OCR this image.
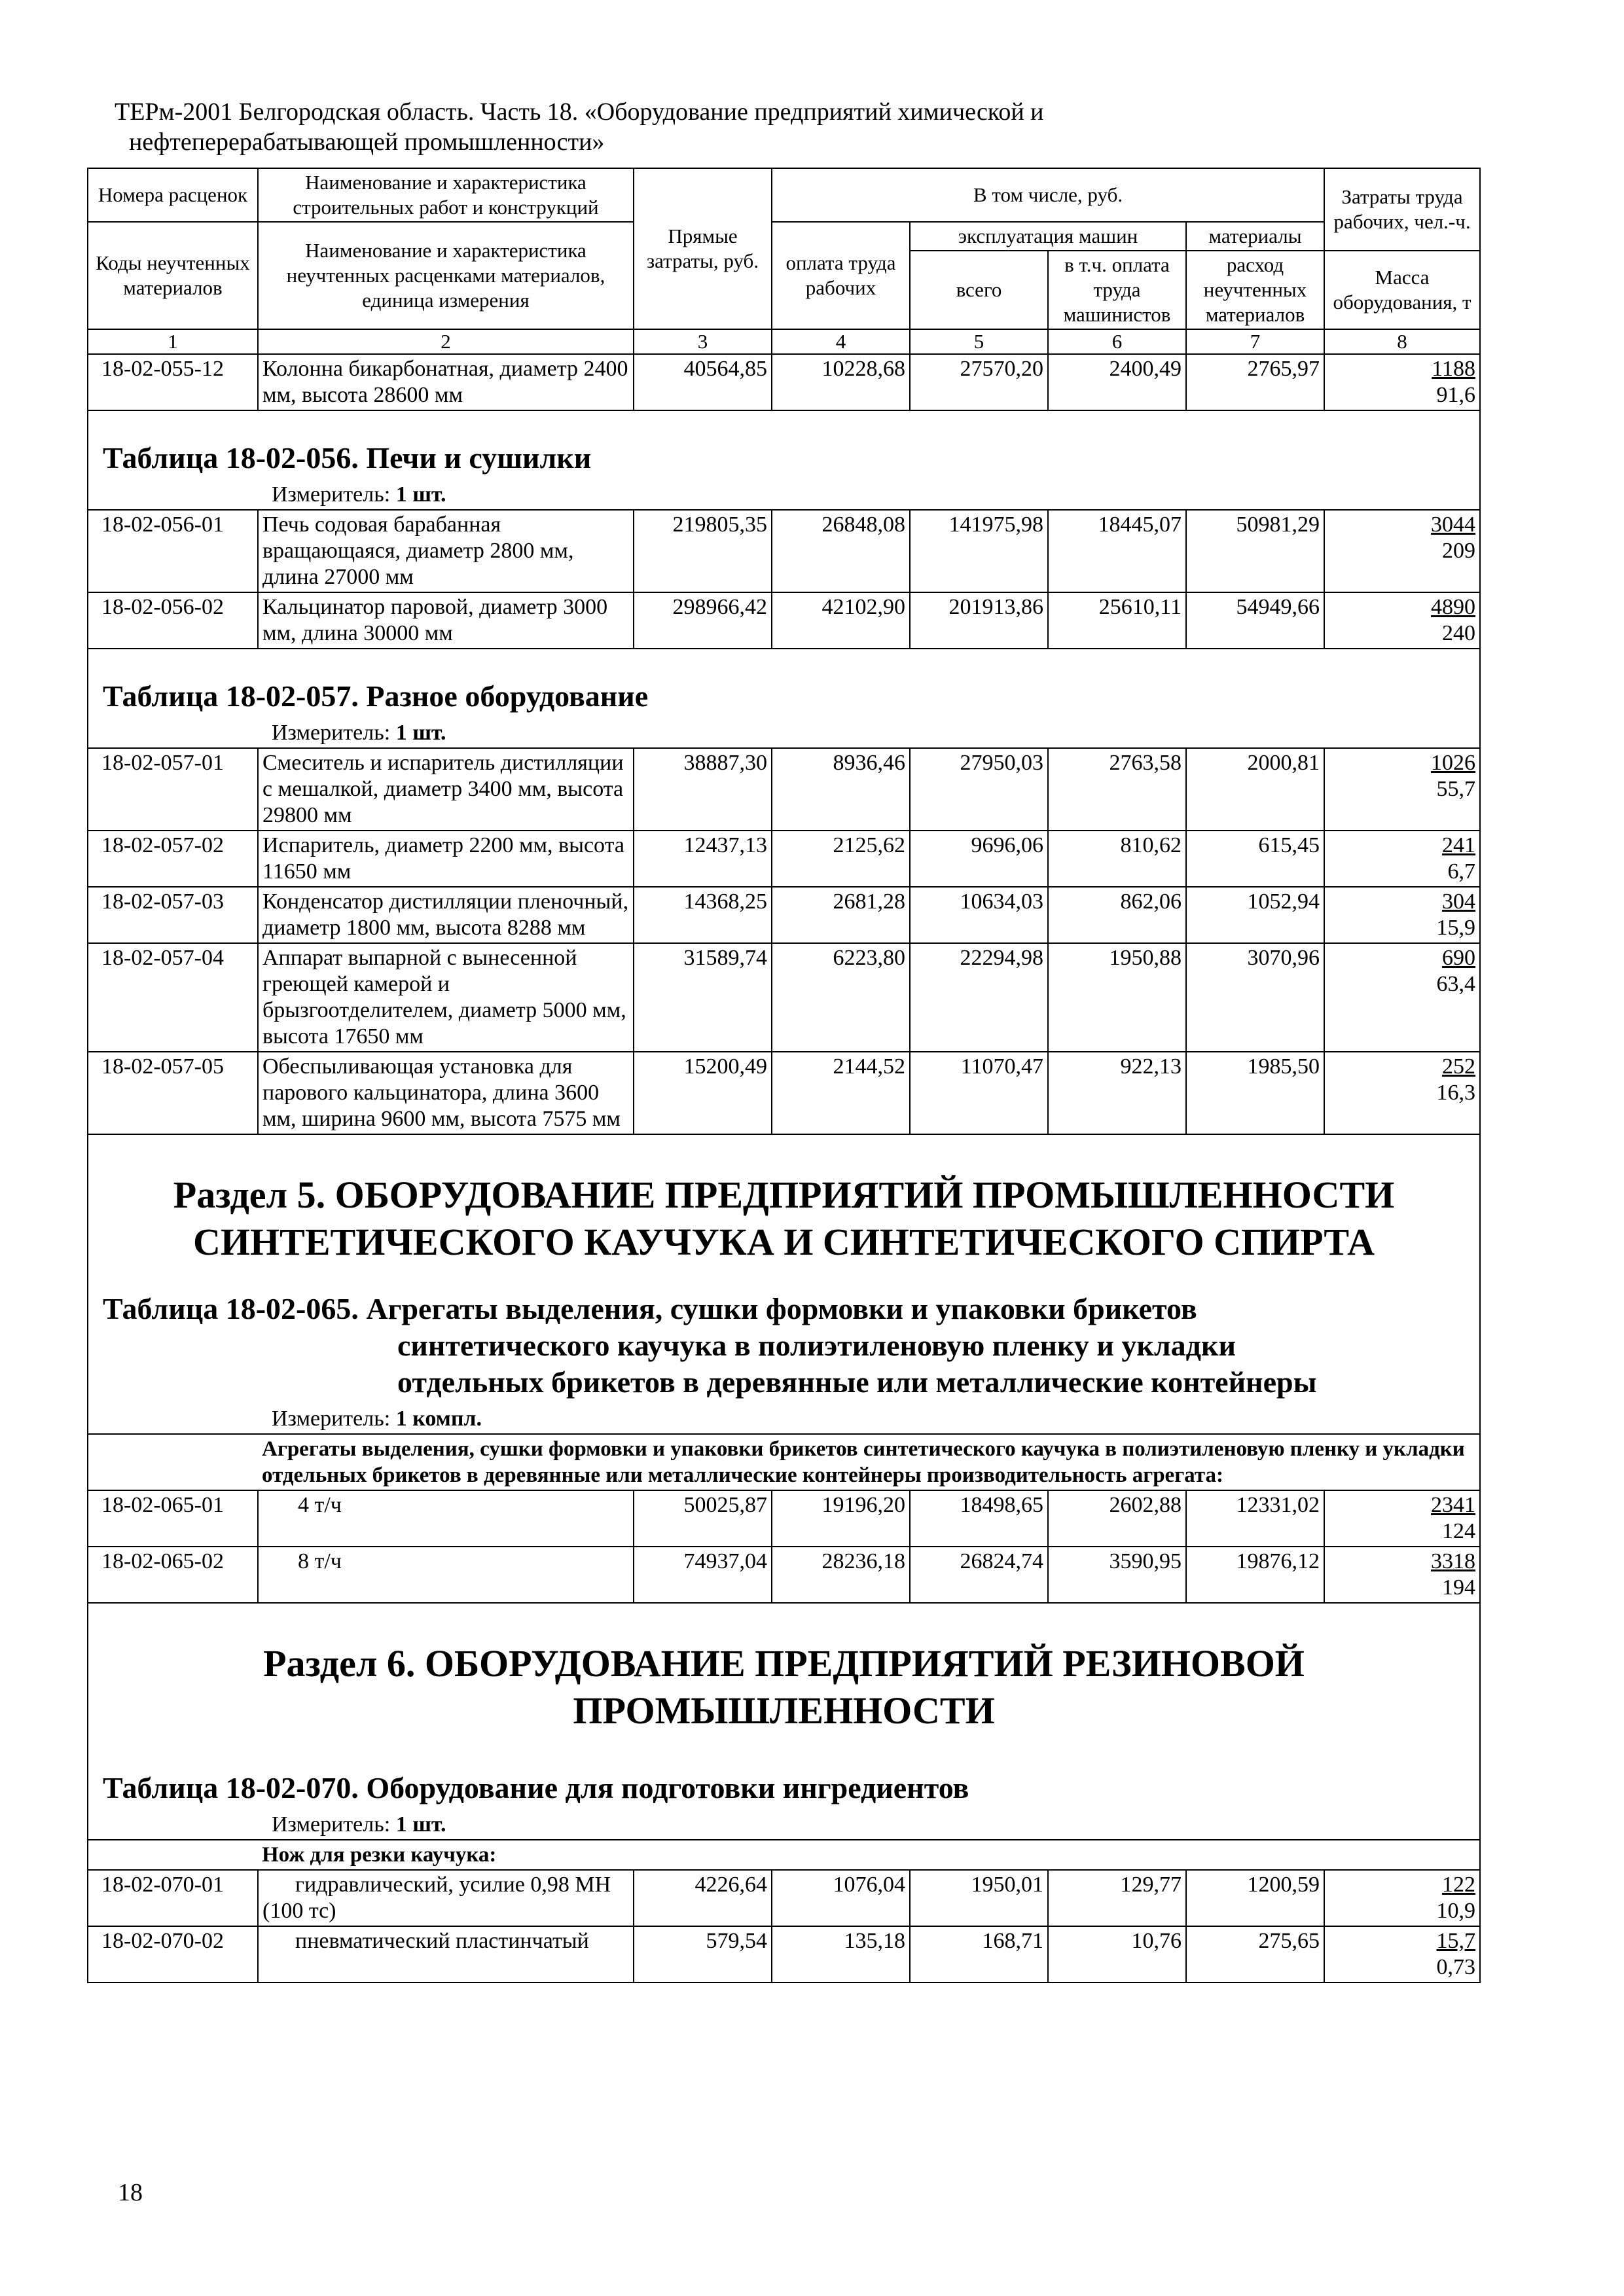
ТЕРм-2001 Белгородская область. Часть 18. «Оборудование предприятий химической и
нефтеперерабатывающей промышленности»
Номера расценок	Наименование и характеристика строительных работ и конструкций	Прямые затраты, руб.	В том числе, руб.				Затраты труда рабочих, чел.-ч.
Коды неучтенных материалов	Наименование и характеристика неучтенных расценками материалов, единица измерения		оплата труда рабочих	эксплуатация машин		материалы	
				всего	в т.ч. оплата труда машинистов	расход неучтенных материалов	
							Масса оборудования, т
1	2	3	4	5	6	7	8
18-02-055-12	Колонна бикарбонатная, диаметр 2400 мм, высота 28600 мм	40564,85	10228,68	27570,20	2400,49	2765,97	1188
91,6

Таблица 18-02-056. Печи и сушилки							
Измеритель: 1 шт.							
18-02-056-01	Печь содовая барабанная вращающаяся, диаметр 2800 мм, длина 27000 мм	219805,35	26848,08	141975,98	18445,07	50981,29	3044
209

18-02-056-02	Кальцинатор паровой, диаметр 3000 мм, длина 30000 мм	298966,42	42102,90	201913,86	25610,11	54949,66	4890
240

Таблица 18-02-057. Разное оборудование							
Измеритель: 1 шт.							
18-02-057-01	Смеситель и испаритель дистилляции с мешалкой, диаметр 3400 мм, высота 29800 мм	38887,30	8936,46	27950,03	2763,58	2000,81	1026
55,7

18-02-057-02	Испаритель, диаметр 2200 мм, высота 11650 мм	12437,13	2125,62	9696,06	810,62	615,45	241
6,7

18-02-057-03	Конденсатор дистилляции пленочный, диаметр 1800 мм, высота 8288 мм	14368,25	2681,28	10634,03	862,06	1052,94	304
15,9

18-02-057-04	Аппарат выпарной с вынесенной греющей камерой и брызгоотделителем, диаметр 5000 мм, высота 17650 мм	31589,74	6223,80	22294,98	1950,88	3070,96	690
63,4

18-02-057-05	Обеспыливающая установка для парового кальцинатора, длина 3600 мм, ширина 9600 мм, высота 7575 мм	15200,49	2144,52	11070,47	922,13	1985,50	252
16,3

Раздел 5. ОБОРУДОВАНИЕ ПРЕДПРИЯТИЙ ПРОМЫШЛЕННОСТИ
СИНТЕТИЧЕСКОГО КАУЧУКА И СИНТЕТИЧЕСКОГО СПИРТА							

Таблица 18-02-065. Агрегаты выделения, сушки формовки и упаковки брикетов
синтетического каучука в полиэтиленовую пленку и укладки
отдельных брикетов в деревянные или металлические контейнеры							

Измеритель: 1 компл.							
	Агрегаты выделения, сушки формовки и упаковки брикетов синтетического каучука в полиэтиленовую пленку и укладки отдельных брикетов в деревянные или металлические контейнеры производительность агрегата:						
18-02-065-01	4 т/ч	50025,87	19196,20	18498,65	2602,88	12331,02	2341
124

18-02-065-02	8 т/ч	74937,04	28236,18	26824,74	3590,95	19876,12	3318
194

Раздел 6. ОБОРУДОВАНИЕ ПРЕДПРИЯТИЙ РЕЗИНОВОЙ
ПРОМЫШЛЕННОСТИ							

Таблица 18-02-070. Оборудование для подготовки ингредиентов							
Измеритель: 1 шт.							
	Нож для резки каучука:						
18-02-070-01	гидравлический, усилие 0,98 МН (100 тс)	4226,64	1076,04	1950,01	129,77	1200,59	122
10,9

18-02-070-02	пневматический пластинчатый	579,54	135,18	168,71	10,76	275,65	15,7
0,73
18
